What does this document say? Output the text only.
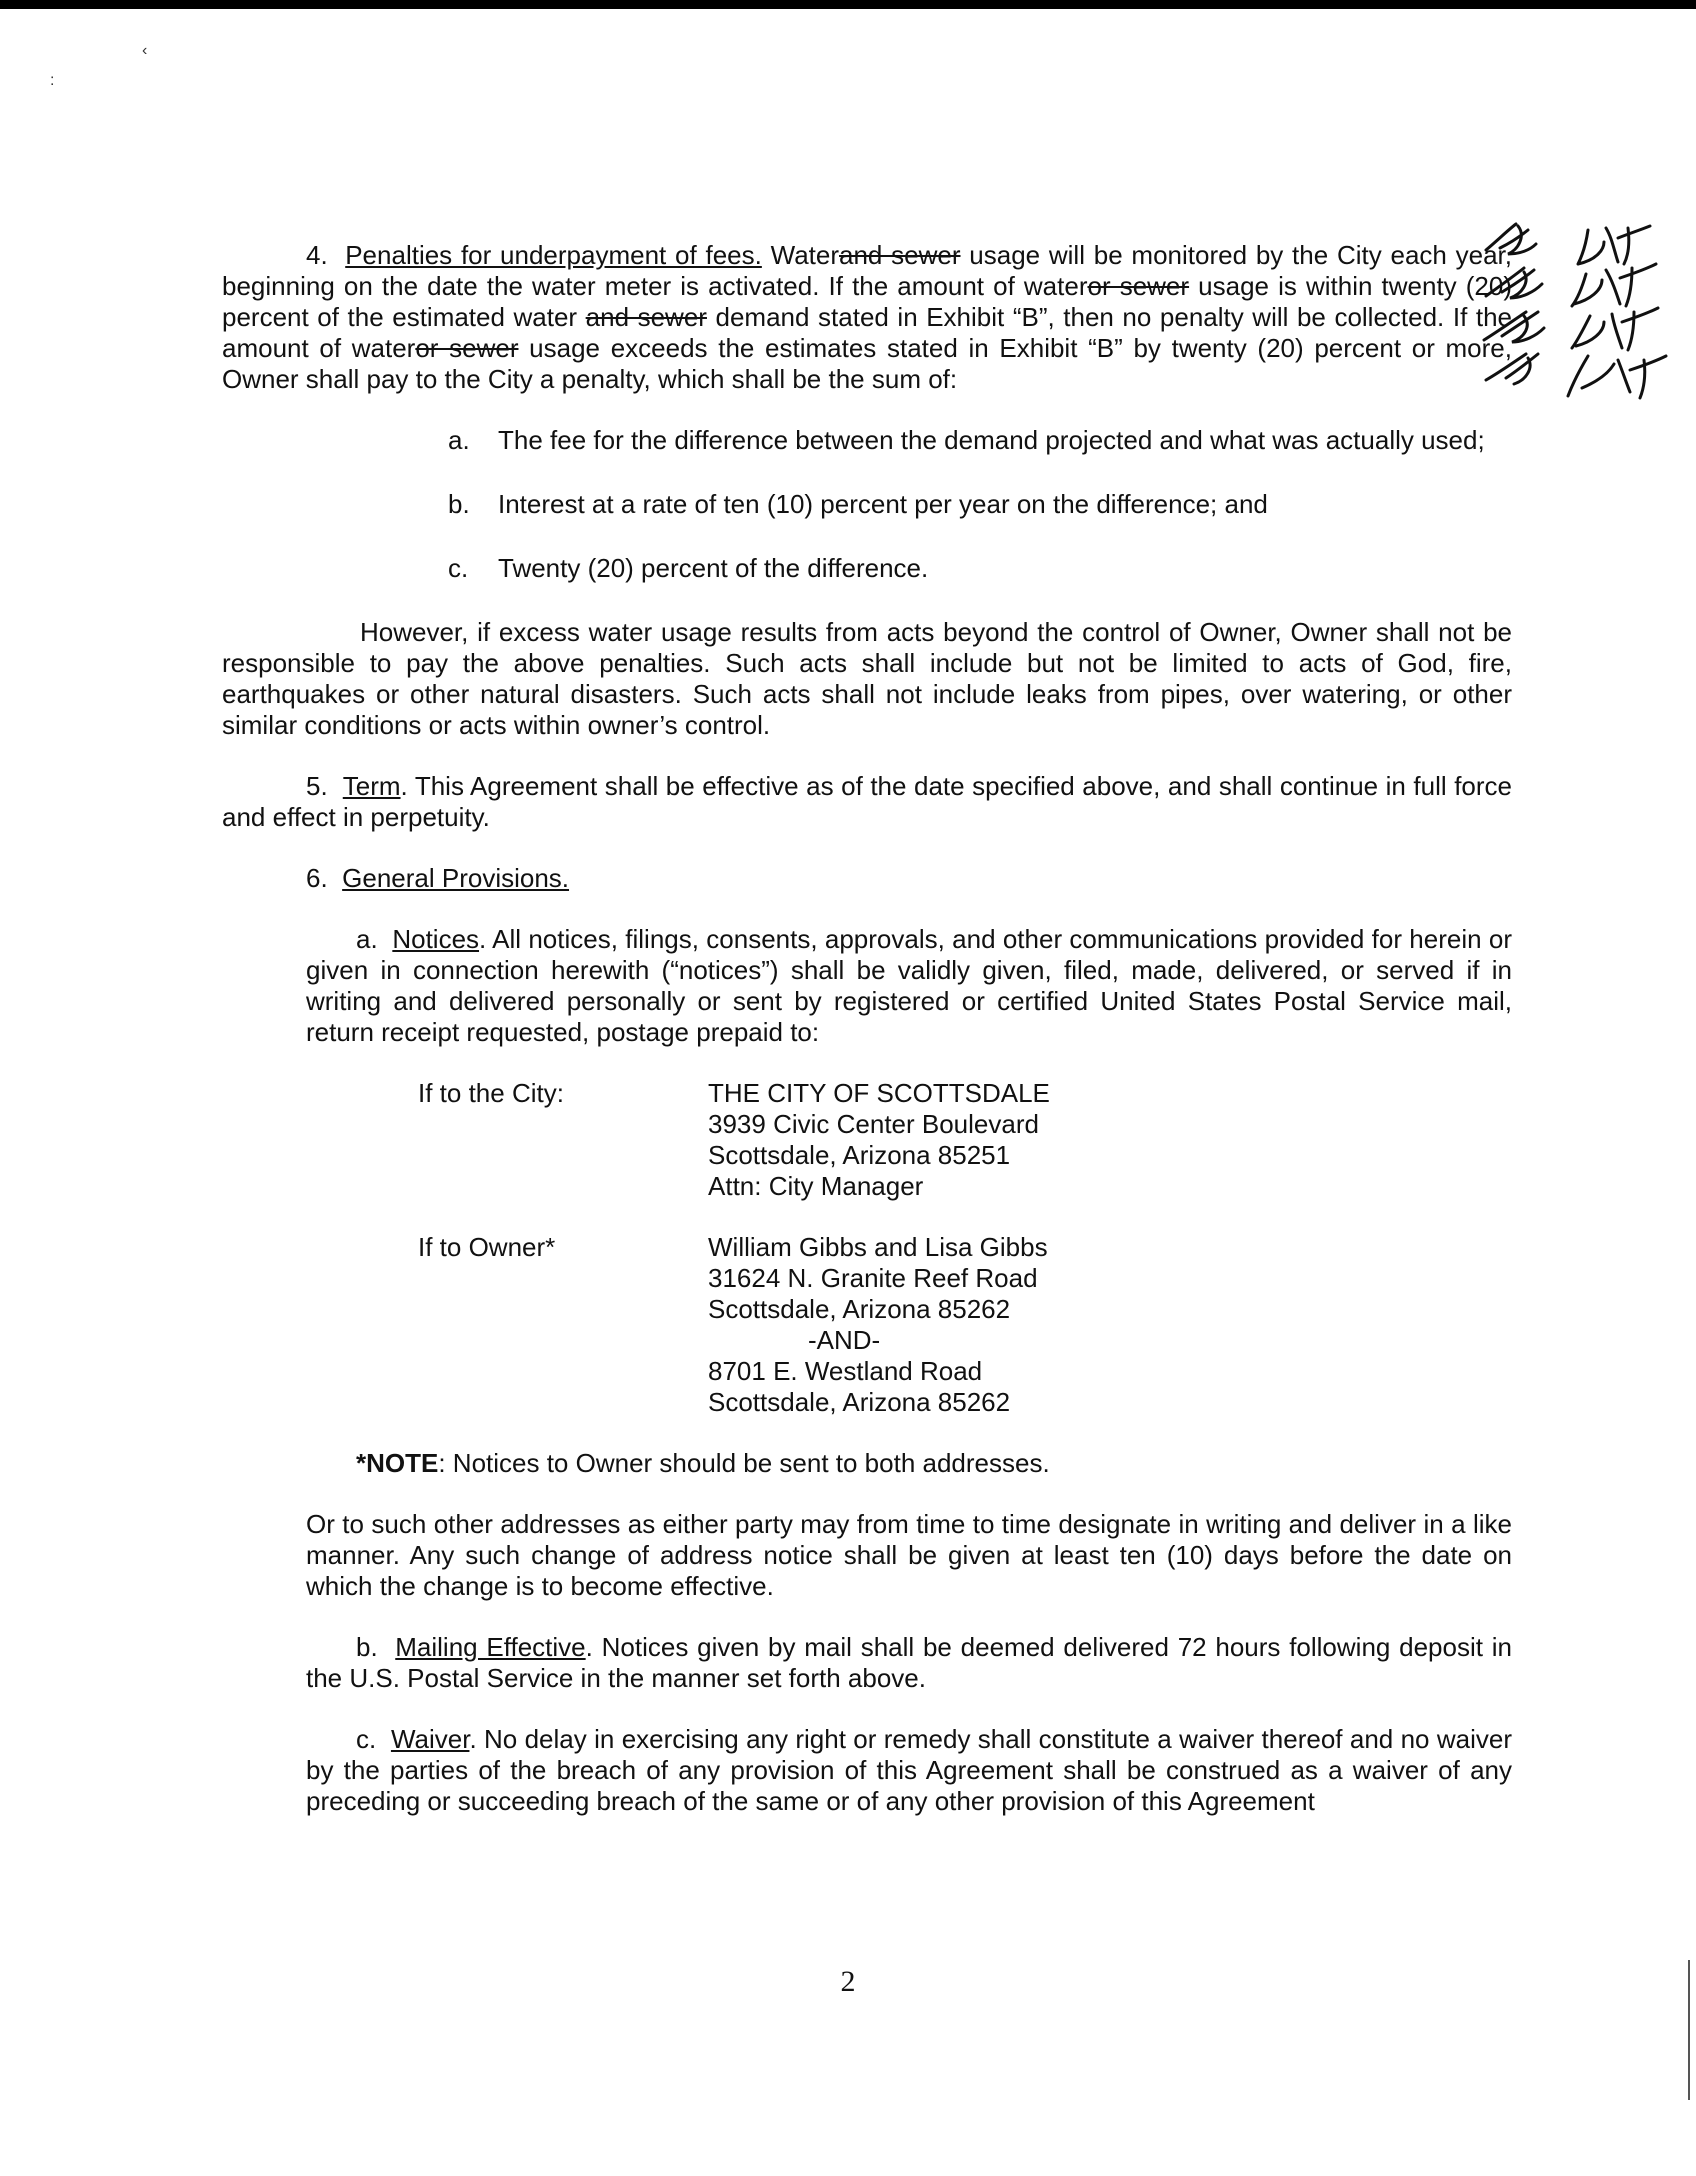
‹
:

4. Penalties for underpayment of fees. Waterand sewer usage will be monitored by the City each year, beginning on the date the water meter is activated. If the amount of wateror sewer usage is within twenty (20) percent of the estimated water and sewer demand stated in Exhibit “B”, then no penalty will be collected. If the amount of wateror sewer usage exceeds the estimates stated in Exhibit “B” by twenty (20) percent or more, Owner shall pay to the City a penalty, which shall be the sum of:

a. The fee for the difference between the demand projected and what was actually used;
b. Interest at a rate of ten (10) percent per year on the difference; and
c. Twenty (20) percent of the difference.

However, if excess water usage results from acts beyond the control of Owner, Owner shall not be responsible to pay the above penalties. Such acts shall include but not be limited to acts of God, fire, earthquakes or other natural disasters. Such acts shall not include leaks from pipes, over watering, or other similar conditions or acts within owner’s control.

5. Term. This Agreement shall be effective as of the date specified above, and shall continue in full force and effect in perpetuity.

6. General Provisions.

a. Notices. All notices, filings, consents, approvals, and other communications provided for herein or given in connection herewith (“notices”) shall be validly given, filed, made, delivered, or served if in writing and delivered personally or sent by registered or certified United States Postal Service mail, return receipt requested, postage prepaid to:

If to the City:	THE CITY OF SCOTTSDALE

3939 Civic Center Boulevard

Scottsdale, Arizona 85251

Attn: City Manager

If to Owner*	William Gibbs and Lisa Gibbs

31624 N. Granite Reef Road

Scottsdale, Arizona 85262

-AND-

8701 E. Westland Road

Scottsdale, Arizona 85262

*NOTE: Notices to Owner should be sent to both addresses.

Or to such other addresses as either party may from time to time designate in writing and deliver in a like manner. Any such change of address notice shall be given at least ten (10) days before the date on which the change is to become effective.

b. Mailing Effective. Notices given by mail shall be deemed delivered 72 hours following deposit in the U.S. Postal Service in the manner set forth above.

c. Waiver. No delay in exercising any right or remedy shall constitute a waiver thereof and no waiver by the parties of the breach of any provision of this Agreement shall be construed as a waiver of any preceding or succeeding breach of the same or of any other provision of this Agreement

2
